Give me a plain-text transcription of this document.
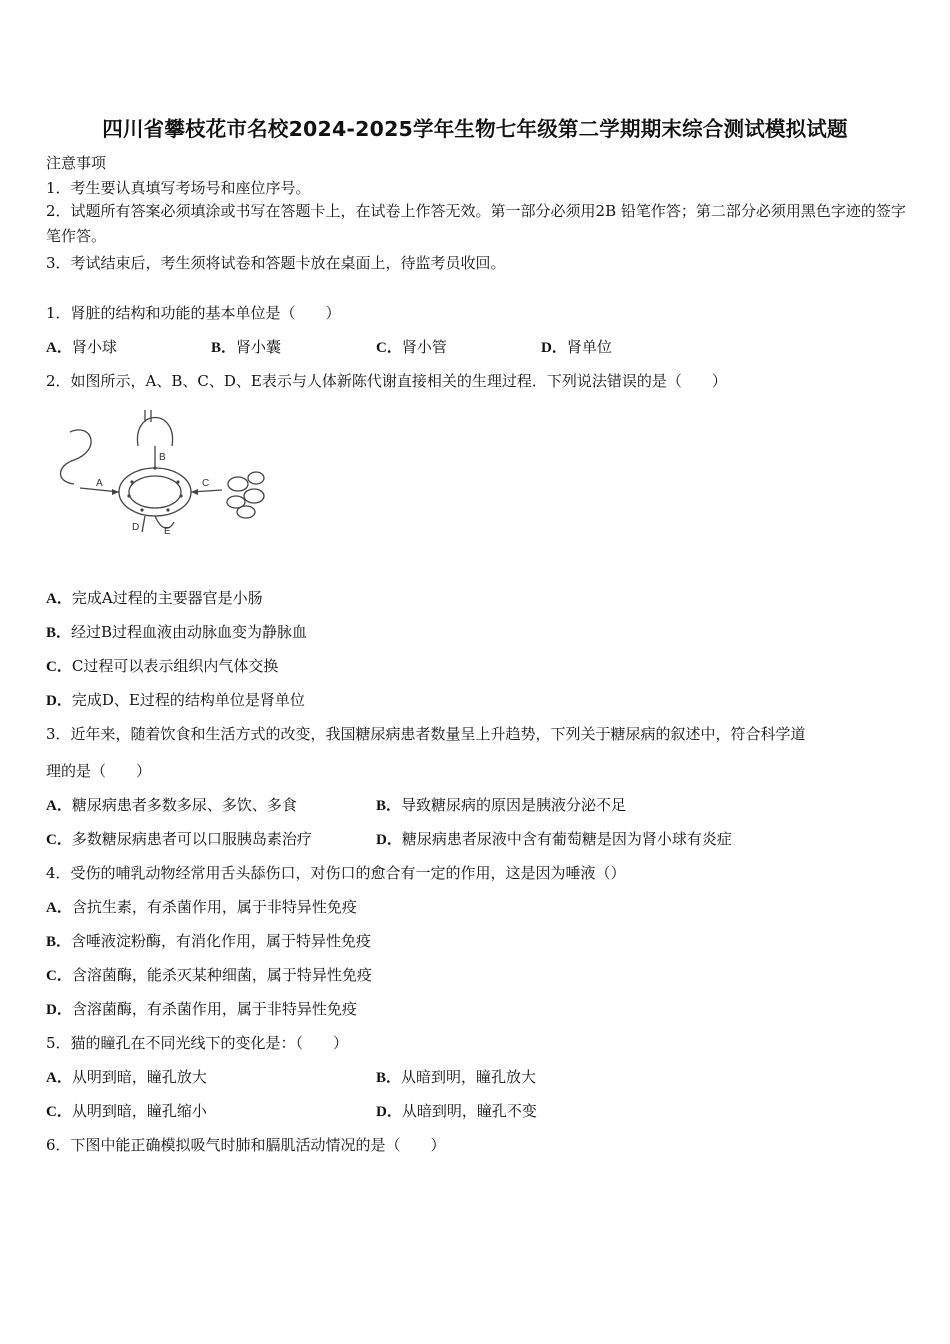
四川省攀枝花市名校2024-2025学年生物七年级第二学期期末综合测试模拟试题
注意事项
1．考生要认真填写考场号和座位序号。
2．试题所有答案必须填涂或书写在答题卡上，在试卷上作答无效。第一部分必须用2B 铅笔作答；第二部分必须用黑色字迹的签字笔作答。
3．考试结束后，考生须将试卷和答题卡放在桌面上，待监考员收回。
1．肾脏的结构和功能的基本单位是（　　）
A．肾小球	B．肾小囊	C．肾小管	D．肾单位
2．如图所示，A、B、C、D、E表示与人体新陈代谢直接相关的生理过程．下列说法错误的是（　　）
A
B
C
D E
A．完成A过程的主要器官是小肠
B．经过B过程血液由动脉血变为静脉血
C．C过程可以表示组织内气体交换
D．完成D、E过程的结构单位是肾单位
3．近年来，随着饮食和生活方式的改变，我国糖尿病患者数量呈上升趋势，下列关于糖尿病的叙述中，符合科学道
理的是（　　）
A．糖尿病患者多数多尿、多饮、多食	B．导致糖尿病的原因是胰液分泌不足
C．多数糖尿病患者可以口服胰岛素治疗	D．糖尿病患者尿液中含有葡萄糖是因为肾小球有炎症
4．受伤的哺乳动物经常用舌头舔伤口，对伤口的愈合有一定的作用，这是因为唾液（）
A．含抗生素，有杀菌作用，属于非特异性免疫
B．含唾液淀粉酶，有消化作用，属于特异性免疫
C．含溶菌酶，能杀灭某种细菌，属于特异性免疫
D．含溶菌酶，有杀菌作用，属于非特异性免疫
5．猫的瞳孔在不同光线下的变化是：（　　）
A．从明到暗，瞳孔放大	B．从暗到明，瞳孔放大
C．从明到暗，瞳孔缩小	D．从暗到明，瞳孔不变
6．下图中能正确模拟吸气时肺和膈肌活动情况的是（　　）
